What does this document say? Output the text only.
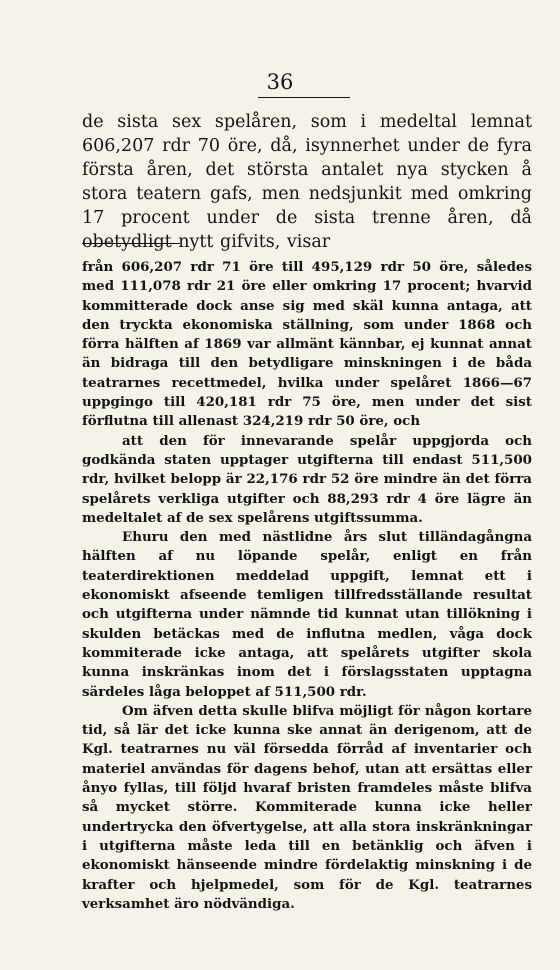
36

de sista sex spelåren, som i medeltal lemnat 606,207 rdr 70 öre, då, isynnerhet under de fyra första åren, det största antalet nya stycken å stora teatern gafs, men nedsjunkit med omkring 17 procent under de sista trenne åren, då obetydligt nytt gifvits, visar

från 606,207 rdr 71 öre till 495,129 rdr 50 öre, således med 111,078 rdr 21 öre eller omkring 17 procent; hvarvid kommitterade dock anse sig med skäl kunna antaga, att den tryckta ekonomiska ställning, som under 1868 och förra hälften af 1869 var allmänt kännbar, ej kunnat annat än bidraga till den betydligare minskningen i de båda teatrarnes recettmedel, hvilka under spelåret 1866—67 uppgingo till 420,181 rdr 75 öre, men under det sist förflutna till allenast 324,219 rdr 50 öre, och

att den för innevarande spelår uppgjorda och godkända staten upptager utgifterna till endast 511,500 rdr, hvilket belopp är 22,176 rdr 52 öre mindre än det förra spelårets verkliga utgifter och 88,293 rdr 4 öre lägre än medeltalet af de sex spelårens utgiftssumma.

Ehuru den med nästlidne års slut tilländagångna hälften af nu löpande spelår, enligt en från teaterdirektionen meddelad uppgift, lemnat ett i ekonomiskt afseende temligen tillfredsställande resultat och utgifterna under nämnde tid kunnat utan tillökning i skulden betäckas med de influtna medlen, våga dock kommiterade icke antaga, att spelårets utgifter skola kunna inskränkas inom det i förslagsstaten upptagna särdeles låga beloppet af 511,500 rdr.

Om äfven detta skulle blifva möjligt för någon kortare tid, så lär det icke kunna ske annat än derigenom, att de Kgl. teatrarnes nu väl försedda förråd af inventarier och materiel användas för dagens behof, utan att ersättas eller ånyo fyllas, till följd hvaraf bristen framdeles måste blifva så mycket större. Kommiterade kunna icke heller undertrycka den öfvertygelse, att alla stora inskränkningar i utgifterna måste leda till en betänklig och äfven i ekonomiskt hänseende mindre fördelaktig minskning i de krafter och hjelpmedel, som för de Kgl. teatrarnes verksamhet äro nödvändiga.
